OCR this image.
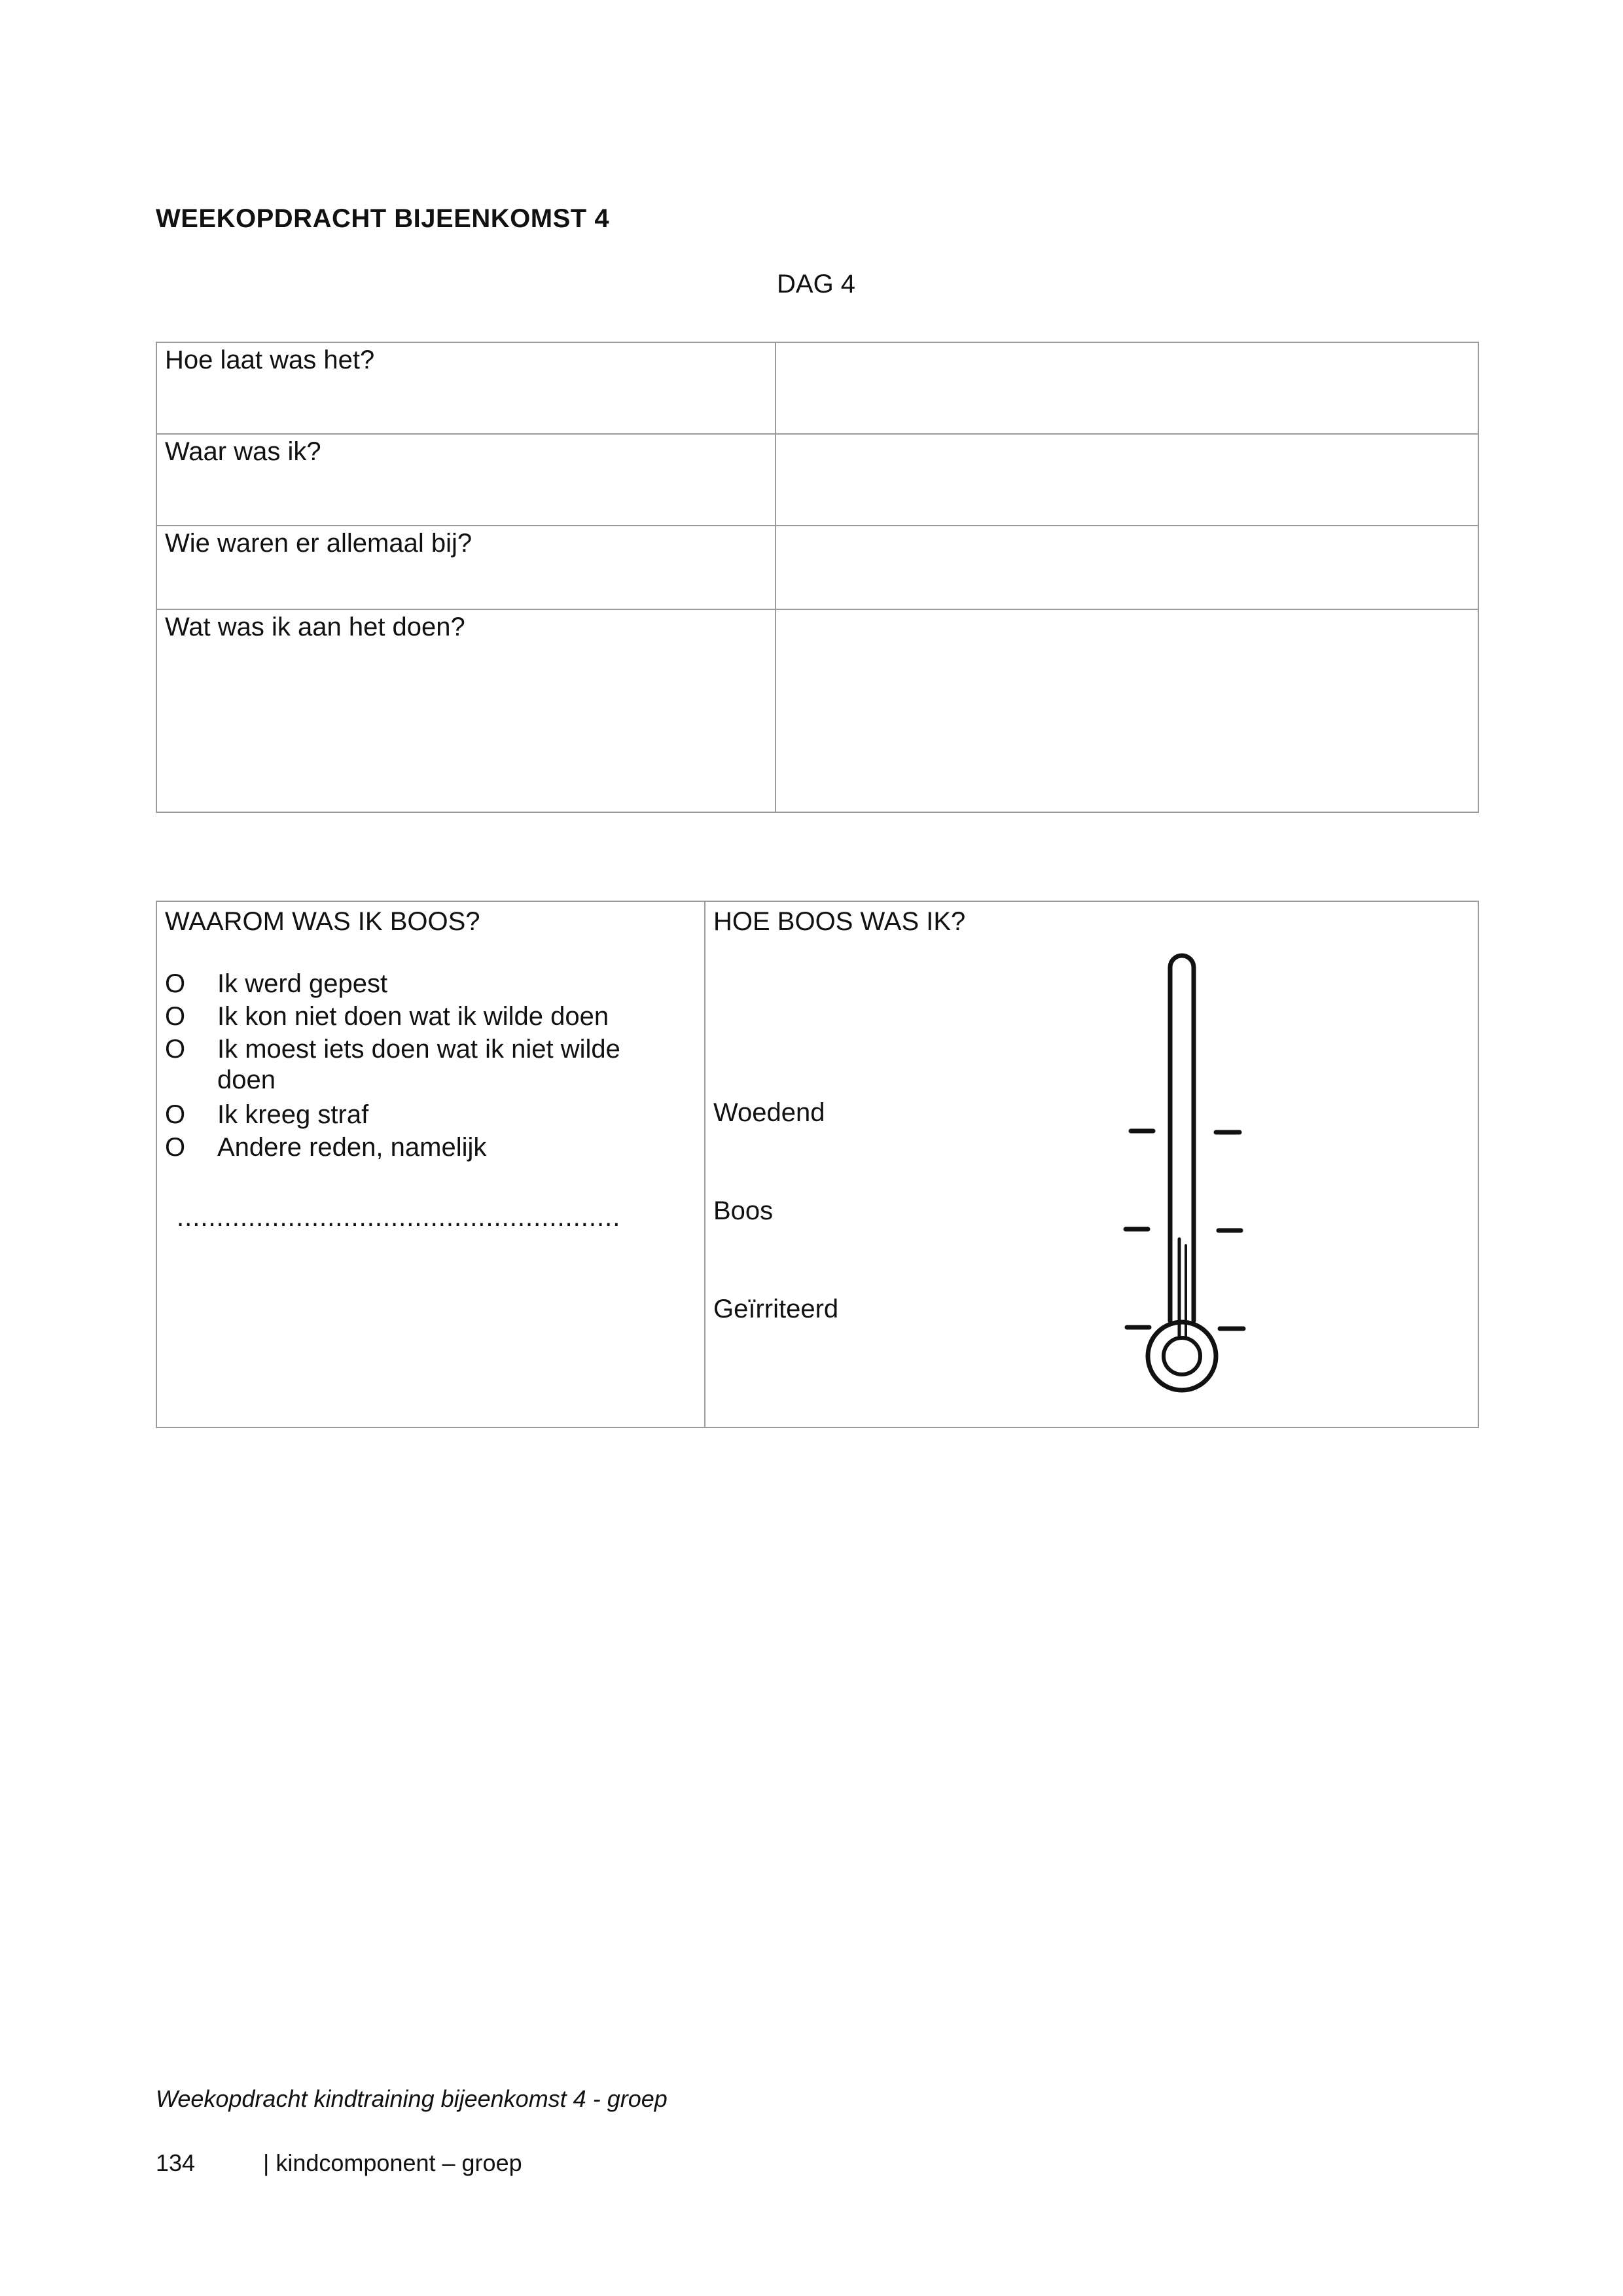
WEEKOPDRACHT BIJEENKOMST 4
DAG 4
Hoe laat was het?	
Waar was ik?	
Wie waren er allemaal bij?	
Wat was ik aan het doen?	
WAAROM WAS IK BOOS?
O Ik werd gepest
O Ik kon niet doen wat ik wilde doen
O Ik moest iets doen wat ik niet wilde
doen
O Ik kreeg straf
O Andere reden, namelijk
........................................................

HOE BOOS WAS IK?
Woedend
Boos
Geïrriteerd
Weekopdracht kindtraining bijeenkomst 4 - groep
134	| kindcomponent – groep
